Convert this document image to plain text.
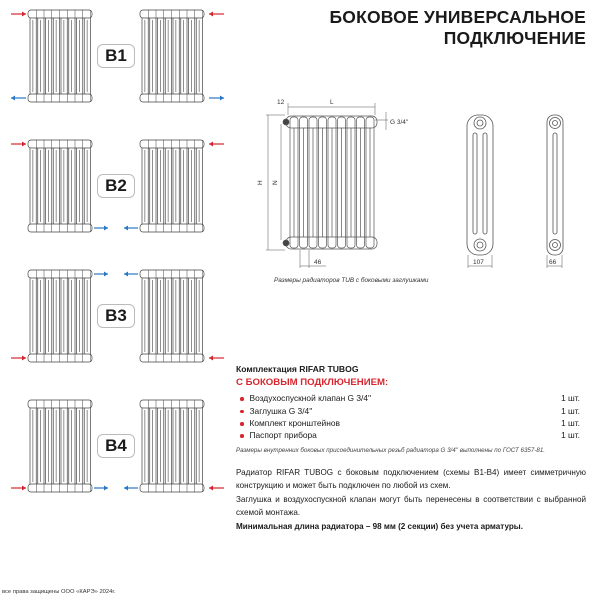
БОКОВОЕ УНИВЕРСАЛЬНОЕ
ПОДКЛЮЧЕНИЕ
B1
B2
B3
B4
12	L
G 3/4''
H N
46	107	66
Размеры радиаторов TUB с боковыми заглушками
Комплектация RIFAR TUBOG
С БОКОВЫМ ПОДКЛЮЧЕНИЕМ:
Воздухоспускной клапан G 3/4''	1 шт.
Заглушка G 3/4''	1 шт.
Комплект кронштейнов	1 шт.
Паспорт прибора	1 шт.
Размеры внутренних боковых присоединительных резьб радиатора G 3/4'' выполнены по ГОСТ 6357-81.
Радиатор RIFAR TUBOG с боковым подключением (схемы B1-B4) имеет симметричную конструкцию и может быть подключен по любой из схем.
Заглушка и воздухоспускной клапан могут быть перенесены в соответствии с выбранной схемой монтажа.
Минимальная длина радиатора – 98 мм (2 секции) без учета арматуры.
все права защищены ООО «КАРЭ» 2024г.
